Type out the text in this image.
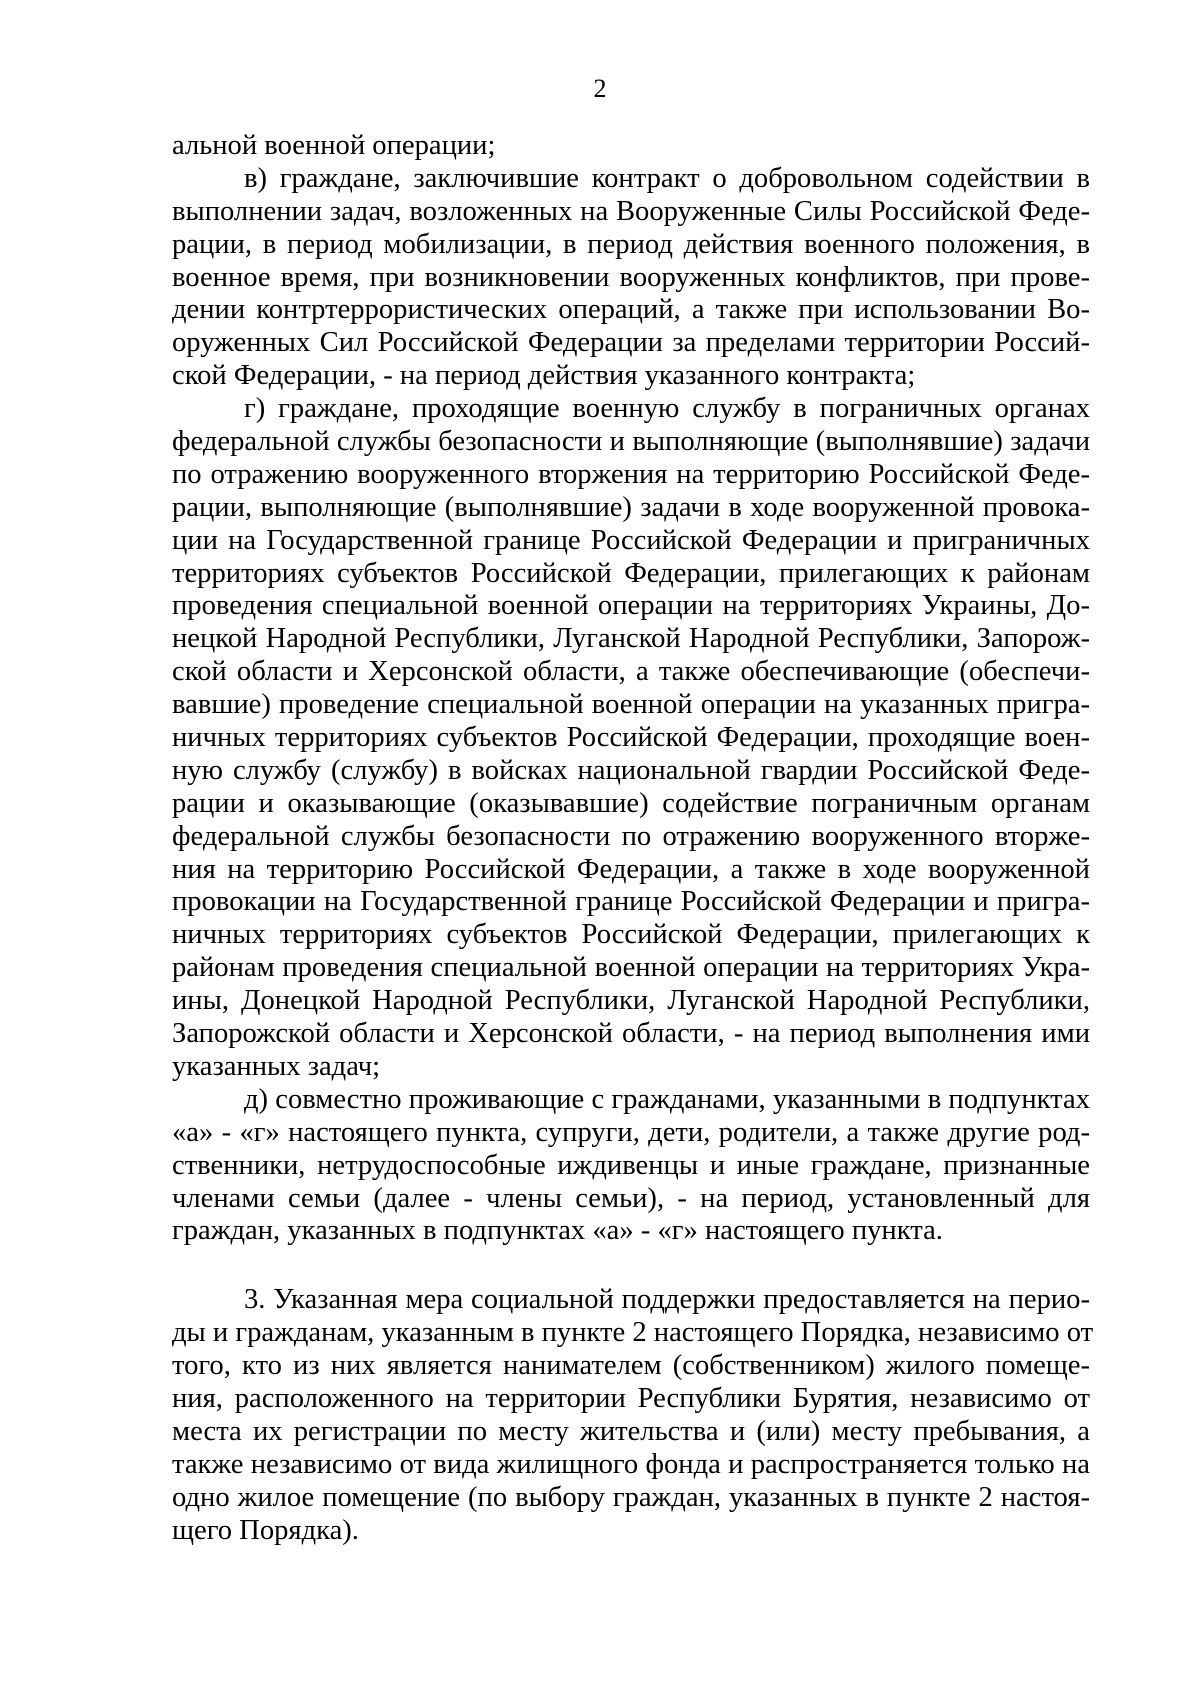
2
альной военной операции;
в) граждане, заключившие контракт о добровольном содействии в
выполнении задач, возложенных на Вооруженные Силы Российской Феде-
рации, в период мобилизации, в период действия военного положения, в
военное время, при возникновении вооруженных конфликтов, при прове-
дении контртеррористических операций, а также при использовании Во-
оруженных Сил Российской Федерации за пределами территории Россий-
ской Федерации, - на период действия указанного контракта;
г) граждане, проходящие военную службу в пограничных органах
федеральной службы безопасности и выполняющие (выполнявшие) задачи
по отражению вооруженного вторжения на территорию Российской Феде-
рации, выполняющие (выполнявшие) задачи в ходе вооруженной провока-
ции на Государственной границе Российской Федерации и приграничных
территориях субъектов Российской Федерации, прилегающих к районам
проведения специальной военной операции на территориях Украины, До-
нецкой Народной Республики, Луганской Народной Республики, Запорож-
ской области и Херсонской области, а также обеспечивающие (обеспечи-
вавшие) проведение специальной военной операции на указанных пригра-
ничных территориях субъектов Российской Федерации, проходящие воен-
ную службу (службу) в войсках национальной гвардии Российской Феде-
рации и оказывающие (оказывавшие) содействие пограничным органам
федеральной службы безопасности по отражению вооруженного вторже-
ния на территорию Российской Федерации, а также в ходе вооруженной
провокации на Государственной границе Российской Федерации и пригра-
ничных территориях субъектов Российской Федерации, прилегающих к
районам проведения специальной военной операции на территориях Укра-
ины, Донецкой Народной Республики, Луганской Народной Республики,
Запорожской области и Херсонской области, - на период выполнения ими
указанных задач;
д) совместно проживающие с гражданами, указанными в подпунктах
«а» - «г» настоящего пункта, супруги, дети, родители, а также другие род-
ственники, нетрудоспособные иждивенцы и иные граждане, признанные
членами семьи (далее - члены семьи), - на период, установленный для
граждан, указанных в подпунктах «а» - «г» настоящего пункта.
3. Указанная мера социальной поддержки предоставляется на перио-
ды и гражданам, указанным в пункте 2 настоящего Порядка, независимо от
того, кто из них является нанимателем (собственником) жилого помеще-
ния, расположенного на территории Республики Бурятия, независимо от
места их регистрации по месту жительства и (или) месту пребывания, а
также независимо от вида жилищного фонда и распространяется только на
одно жилое помещение (по выбору граждан, указанных в пункте 2 настоя-
щего Порядка).
